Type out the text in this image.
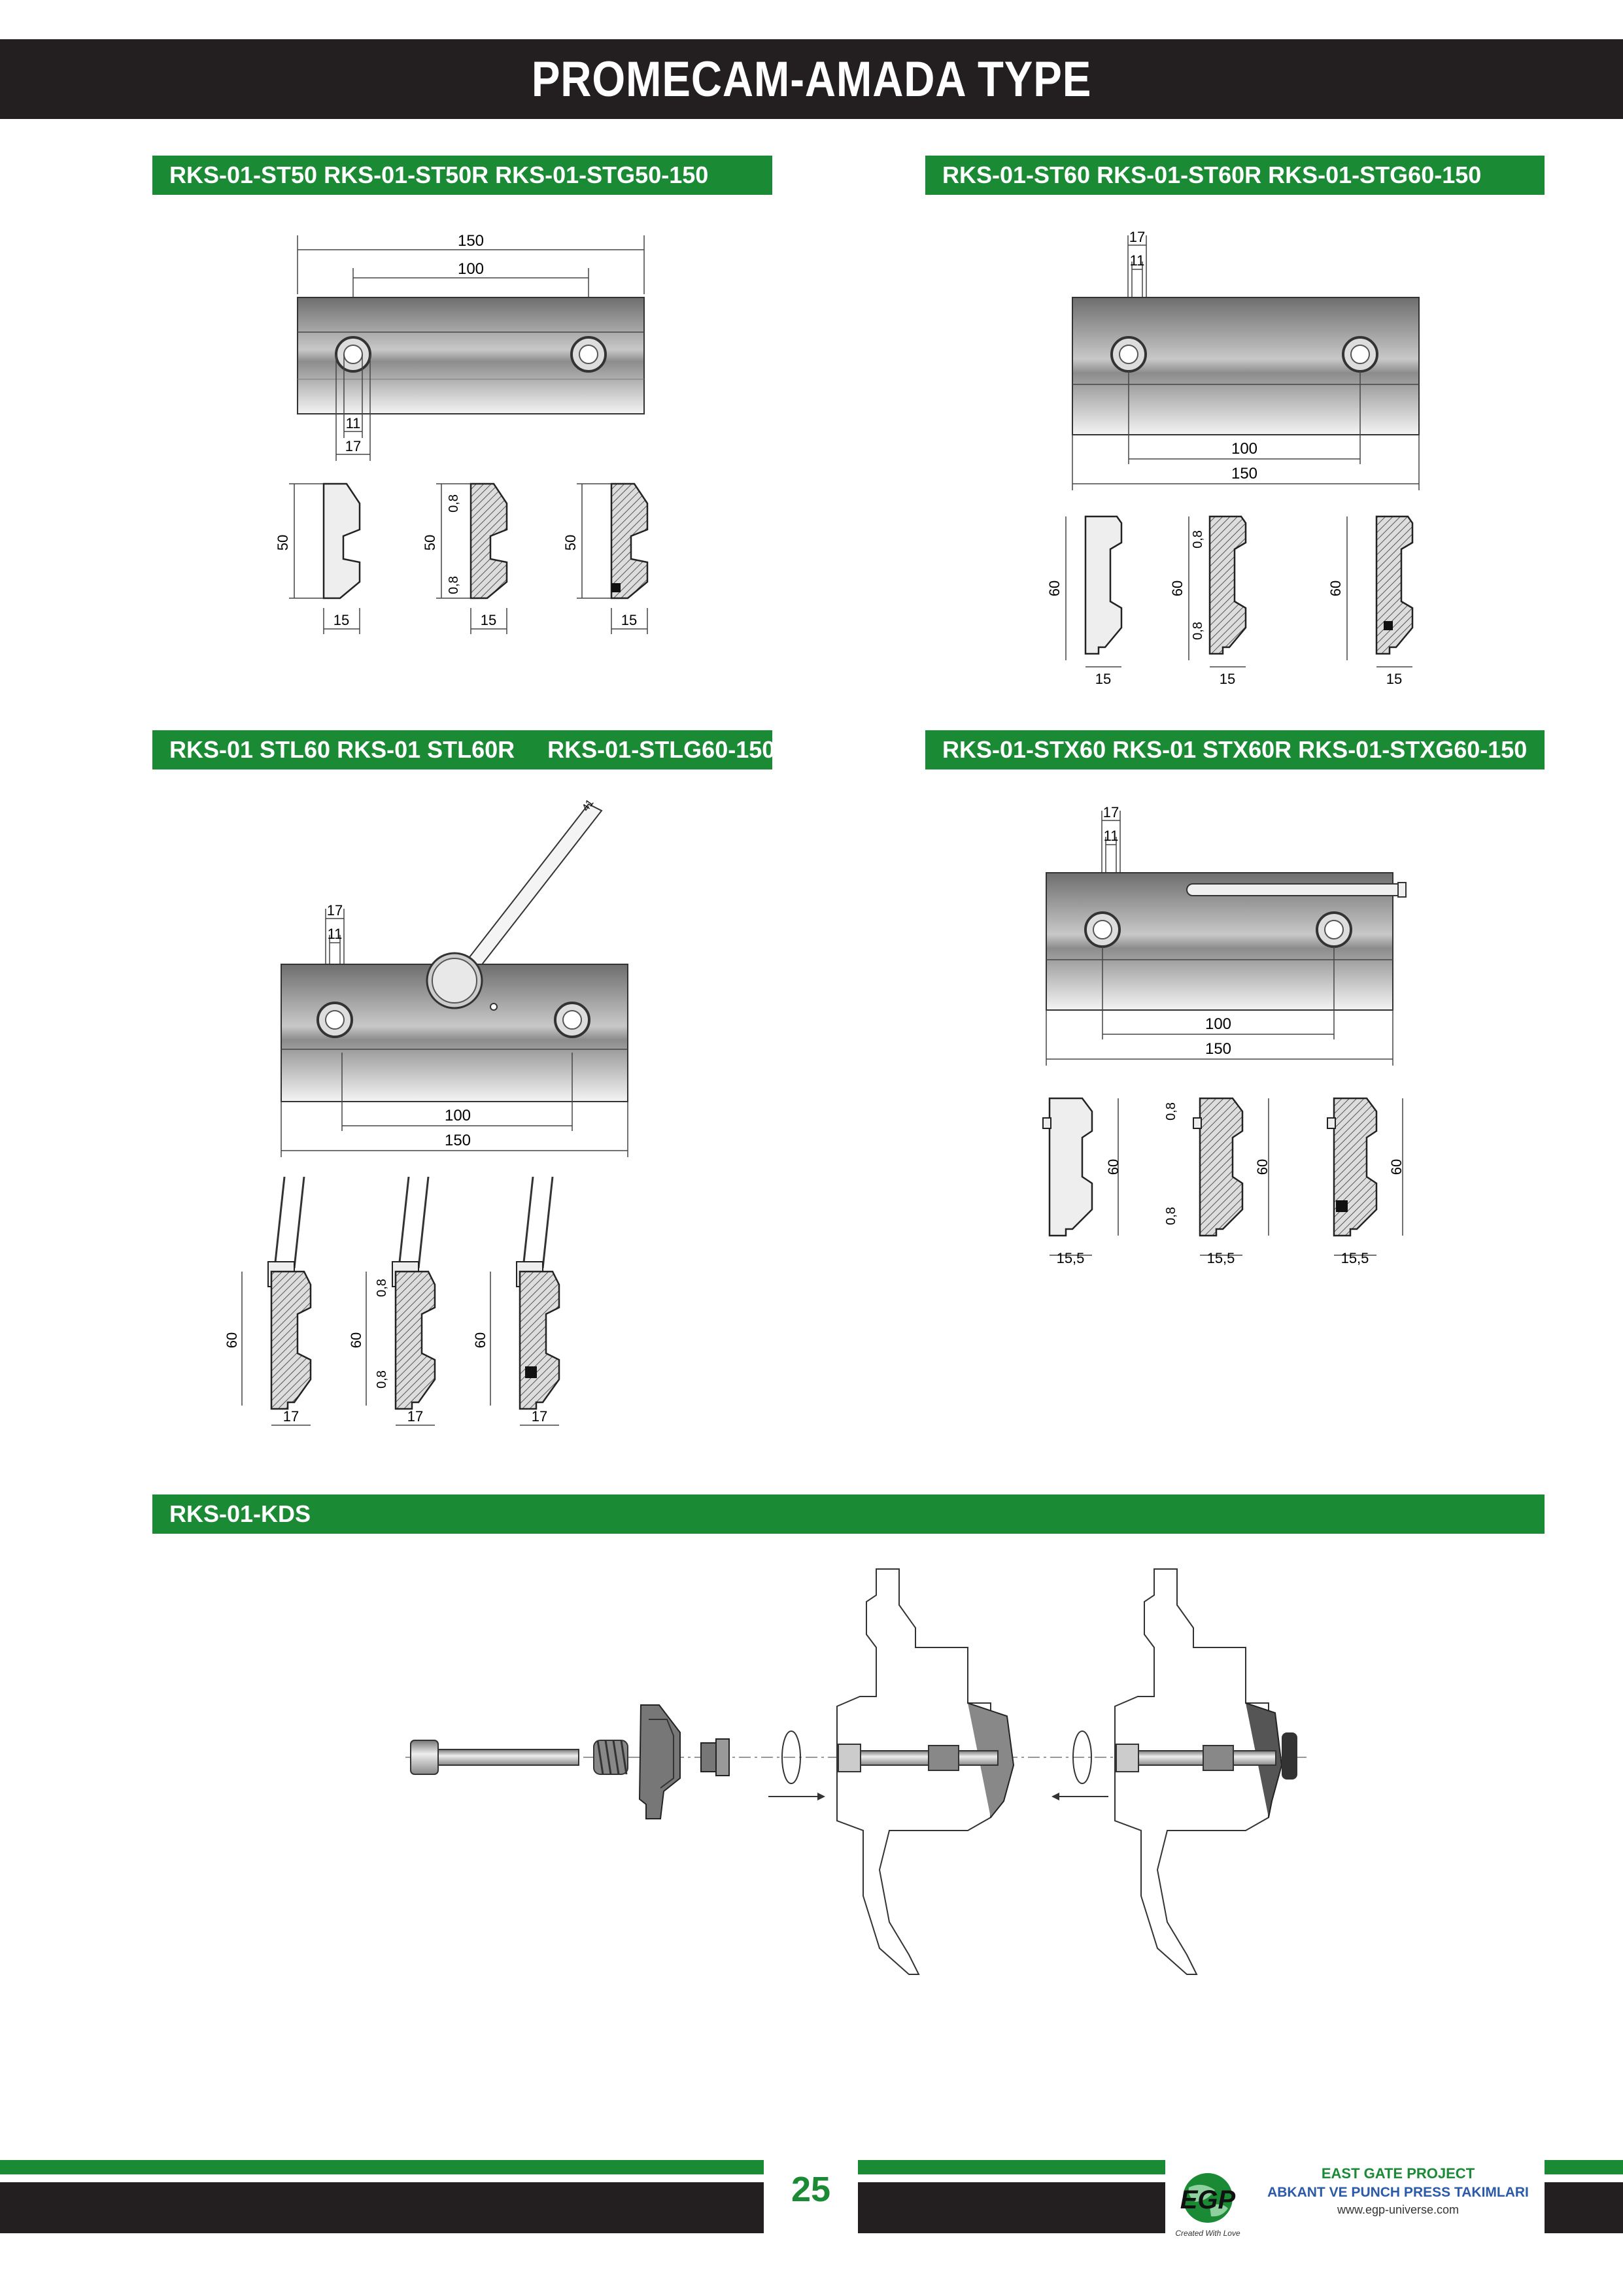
PROMECAM-AMADA TYPE
RKS-01-ST50 RKS-01-ST50R RKS-01-STG50-150	RKS-01-ST60 RKS-01-ST60R RKS-01-STG60-150
RKS-01 STL60 RKS-01 STL60R     RKS-01-STLG60-150	RKS-01-STX60 RKS-01 STX60R RKS-01-STXG60-150
RKS-01-KDS
150
100
11
17
50
15
50
0,8
0,8
15
50
15
17
11
100
150
60
15
60
0,8
0,8
15
60
15
41
17
11
100
150
60
17
60
0,8
0,8
17
60
17
17
11
100
150
60
15,5
0,8
0,8
60
15,5
60
15,5
25	EGP
Created With Love
EAST GATE PROJECT
ABKANT VE PUNCH PRESS TAKIMLARI
www.egp-universe.com
